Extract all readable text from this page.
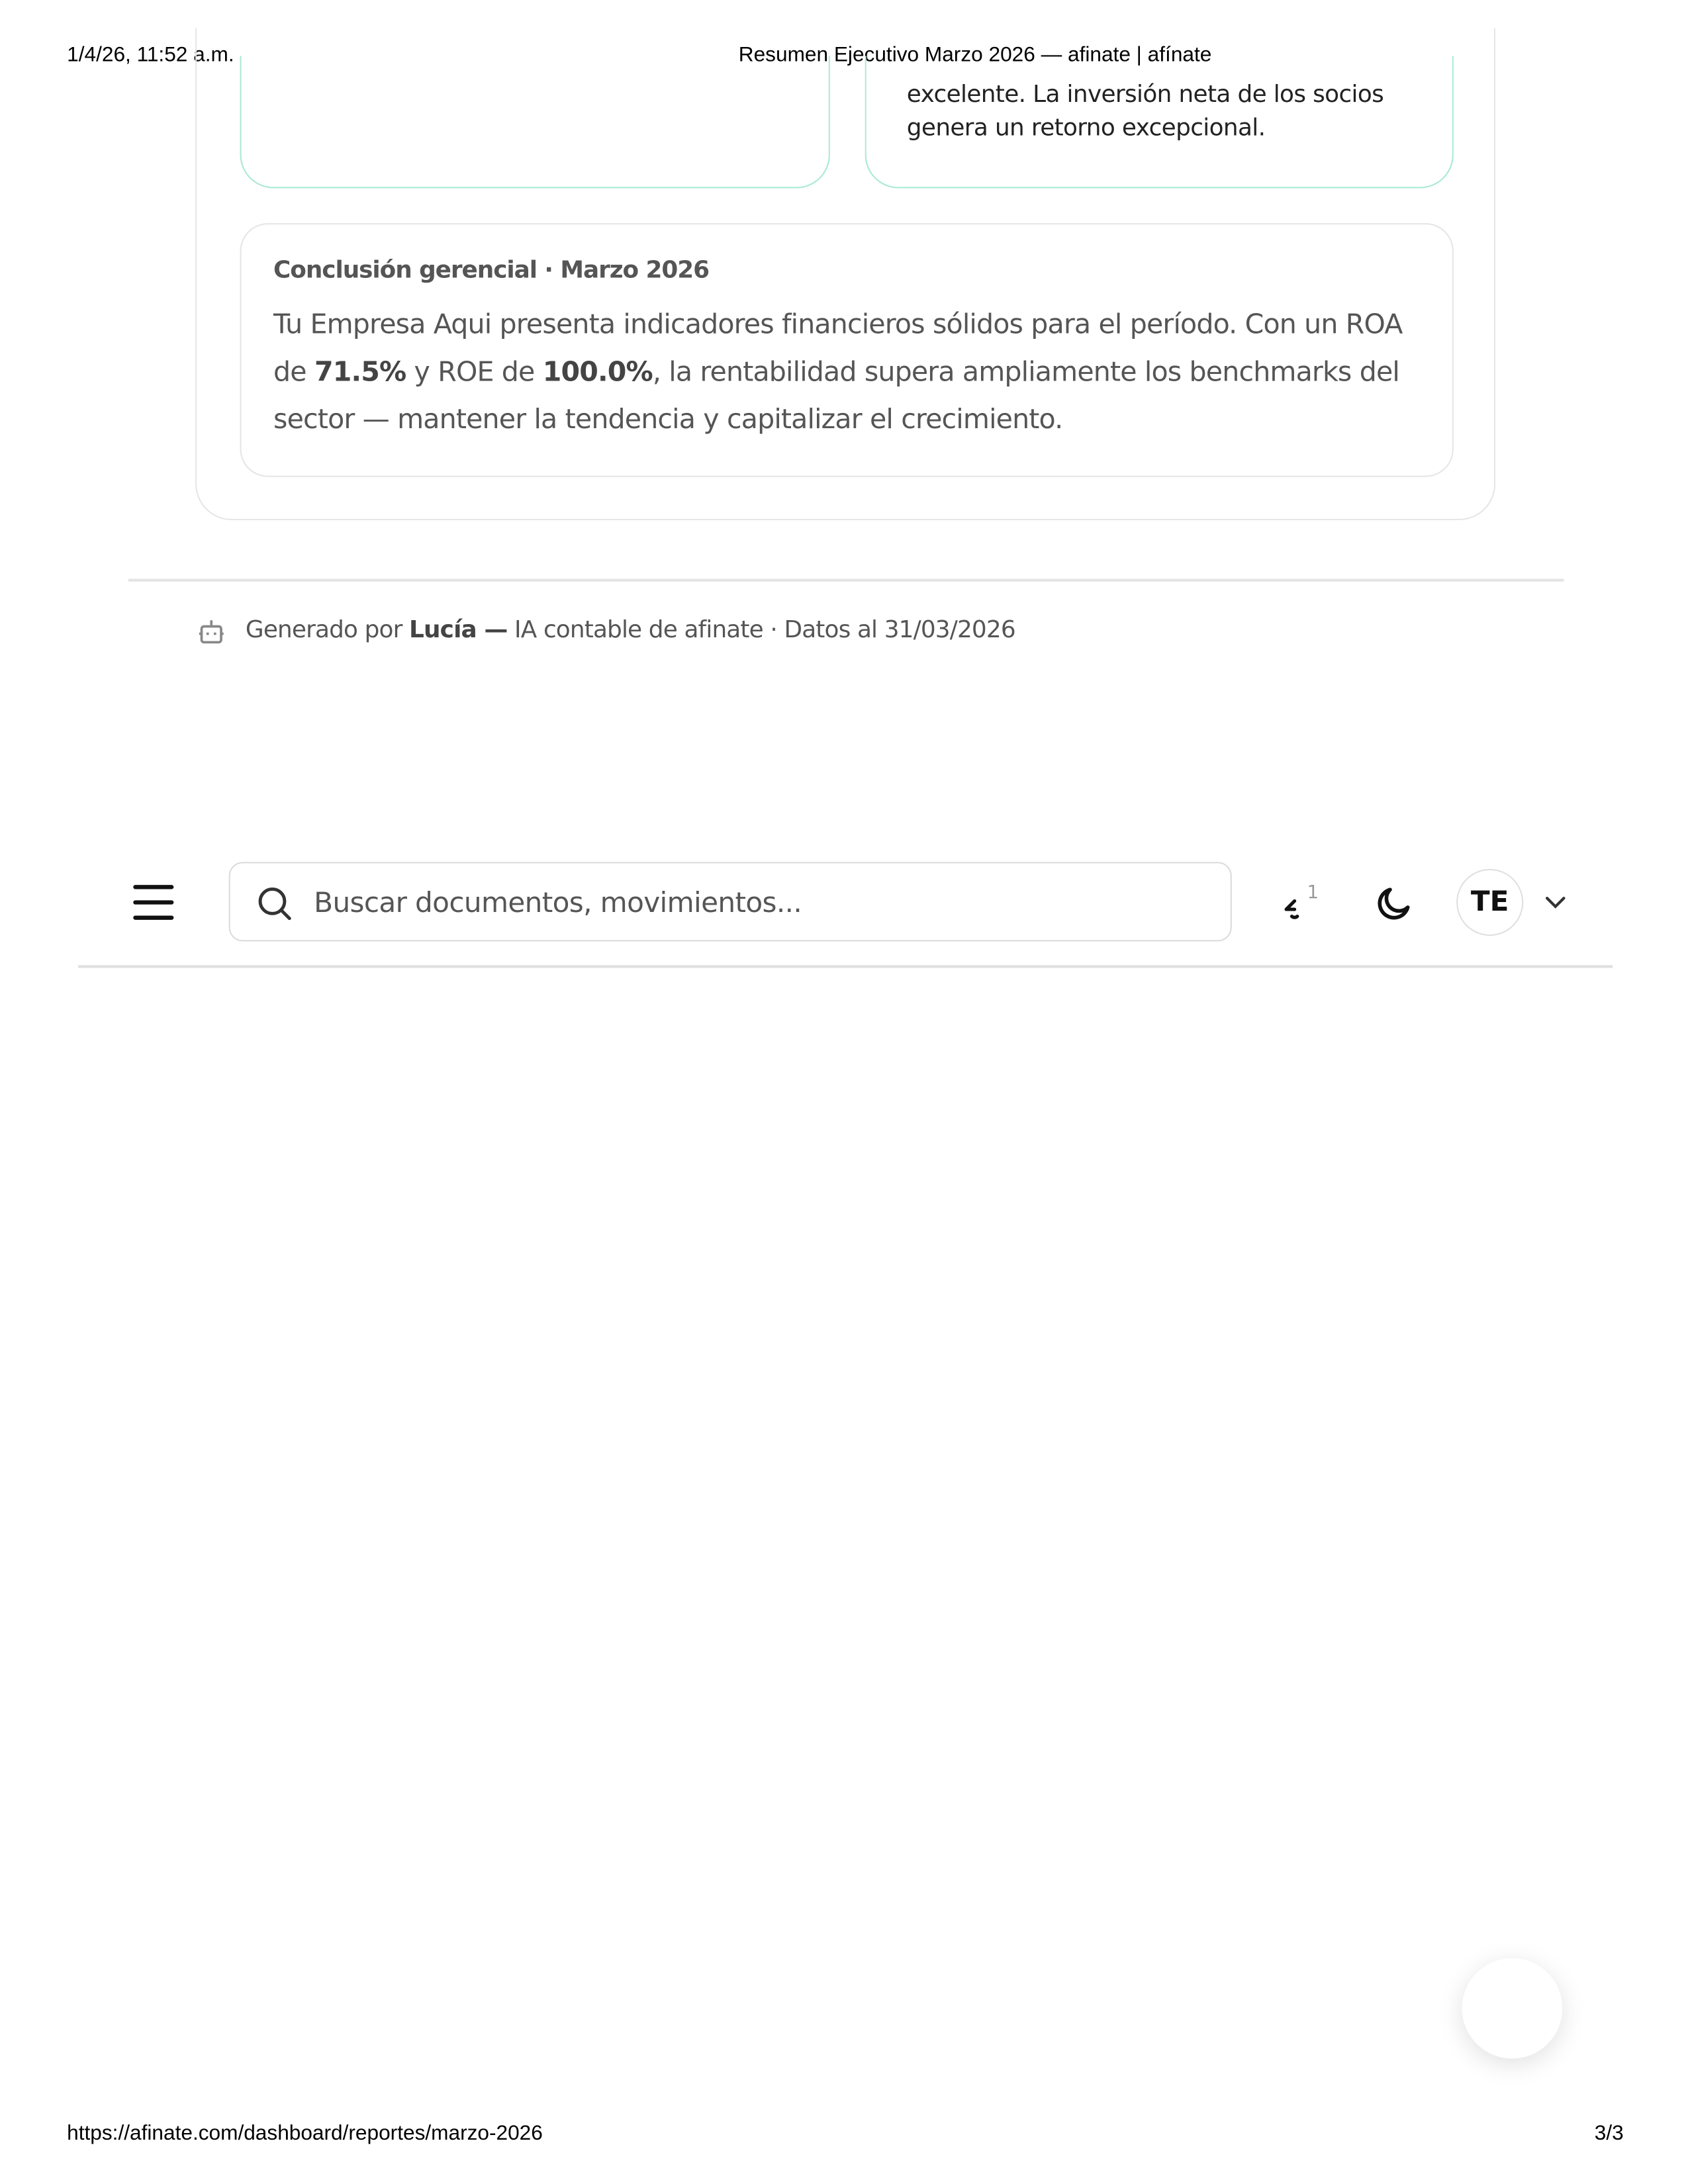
1/4/26, 11:52 a.m.	Resumen Ejecutivo Marzo 2026 — afinate | afínate
excelente. La inversión neta de los socios
genera un retorno excepcional.
Conclusión gerencial · Marzo 2026
Tu Empresa Aqui presenta indicadores financieros sólidos para el período. Con un ROA de 71.5% y ROE de 100.0%, la rentabilidad supera ampliamente los benchmarks del sector — mantener la tendencia y capitalizar el crecimiento.
Generado por Lucía — IA contable de afinate · Datos al 31/03/2026
Buscar documentos, movimientos...
1	TE
https://afinate.com/dashboard/reportes/marzo-2026	3/3
